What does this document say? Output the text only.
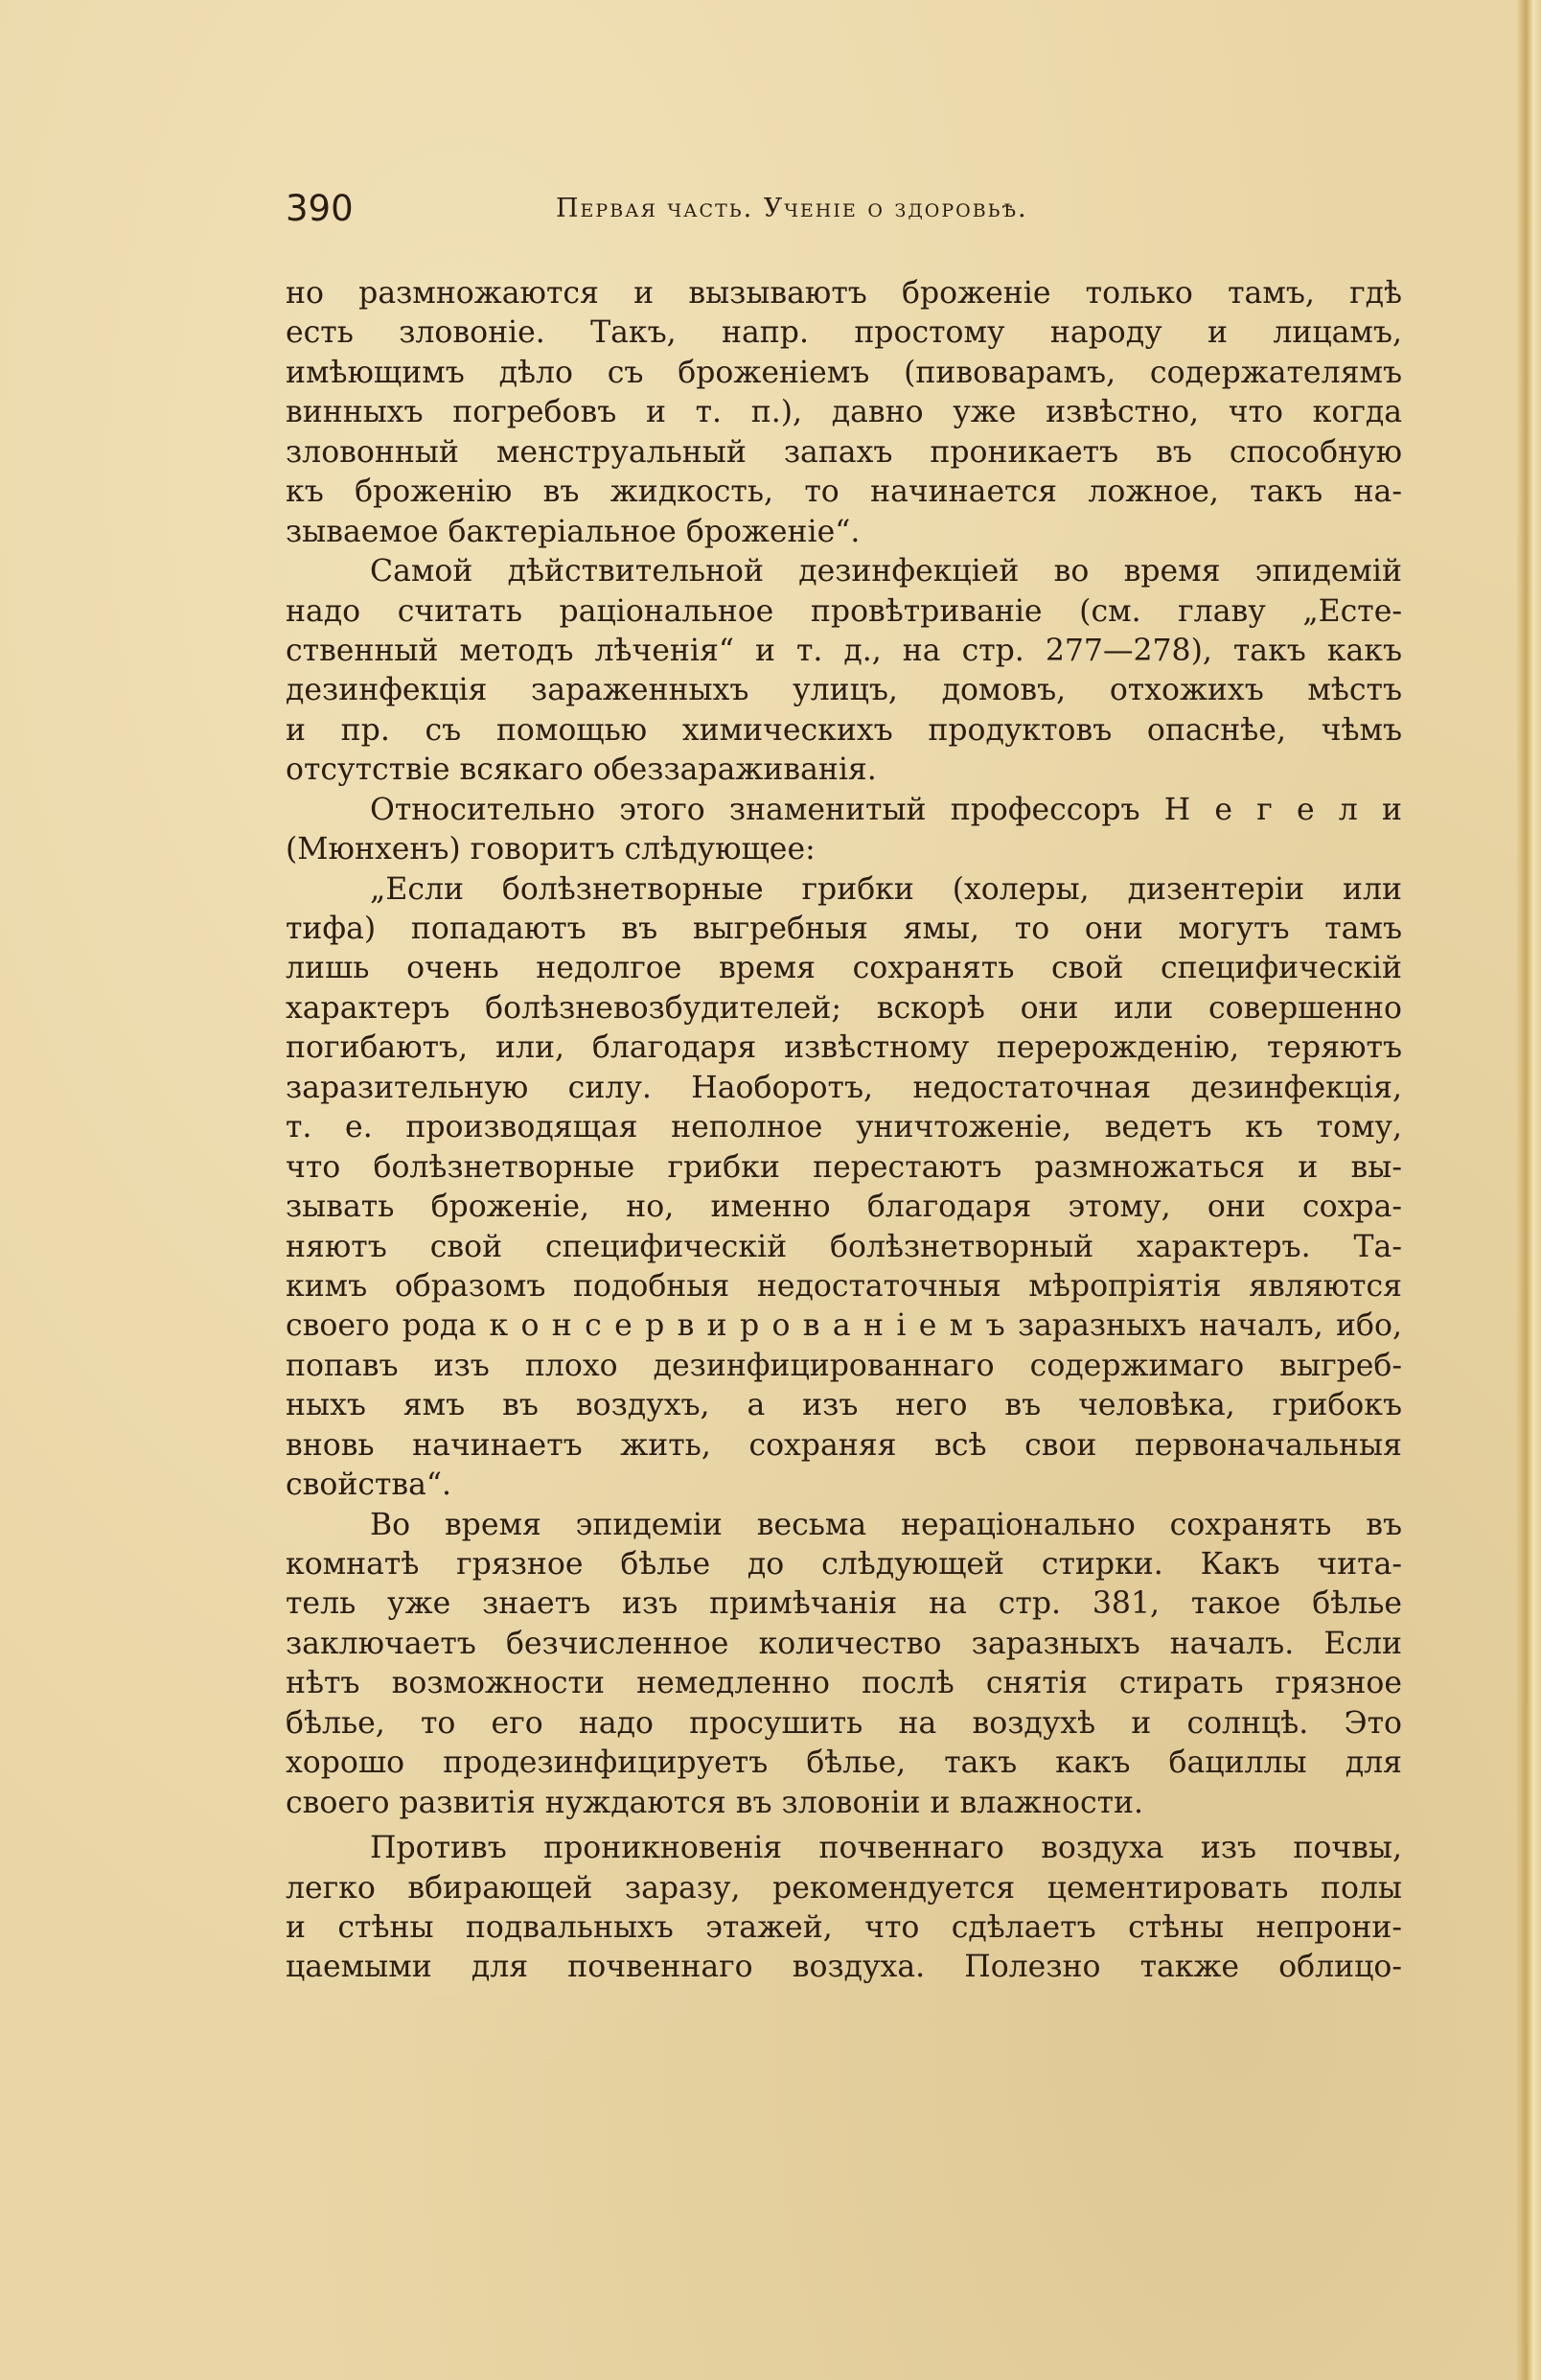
390	Первая часть. Ученіе о здоровьѣ.
но размножаются и вызываютъ броженіе только тамъ, гдѣ
есть зловоніе. Такъ, напр. простому народу и лицамъ,
имѣющимъ дѣло съ броженіемъ (пивоварамъ, содержателямъ
винныхъ погребовъ и т. п.), давно уже извѣстно, что когда
зловонный менструальный запахъ проникаетъ въ способную
къ броженію въ жидкость, то начинается ложное, такъ на-
зываемое бактеріальное броженіе“.
Самой дѣйствительной дезинфекціей во время эпидемій
надо считать раціональное провѣтриваніе (см. главу „Есте-
ственный методъ лѣченія“ и т. д., на стр. 277—278), такъ какъ
дезинфекція зараженныхъ улицъ, домовъ, отхожихъ мѣстъ
и пр. съ помощью химическихъ продуктовъ опаснѣе, чѣмъ
отсутствіе всякаго обеззараживанія.
Относительно этого знаменитый профессоръ Н е г е л и
(Мюнхенъ) говоритъ слѣдующее:
„Если болѣзнетворные грибки (холеры, дизентеріи или
тифа) попадаютъ въ выгребныя ямы, то они могутъ тамъ
лишь очень недолгое время сохранять свой специфическій
характеръ болѣзневозбудителей; вскорѣ они или совершенно
погибаютъ, или, благодаря извѣстному перерожденію, теряютъ
заразительную силу. Наоборотъ, недостаточная дезинфекція,
т. е. производящая неполное уничтоженіе, ведетъ къ тому,
что болѣзнетворные грибки перестаютъ размножаться и вы-
зывать броженіе, но, именно благодаря этому, они сохра-
няютъ свой специфическій болѣзнетворный характеръ. Та-
кимъ образомъ подобныя недостаточныя мѣропріятія являются
своего рода к о н с е р в и р о в а н і е м ъ заразныхъ началъ, ибо,
попавъ изъ плохо дезинфицированнаго содержимаго выгреб-
ныхъ ямъ въ воздухъ, а изъ него въ человѣка, грибокъ
вновь начинаетъ жить, сохраняя всѣ свои первоначальныя
свойства“.
Во время эпидеміи весьма нераціонально сохранять въ
комнатѣ грязное бѣлье до слѣдующей стирки. Какъ чита-
тель уже знаетъ изъ примѣчанія на стр. 381, такое бѣлье
заключаетъ безчисленное количество заразныхъ началъ. Если
нѣтъ возможности немедленно послѣ снятія стирать грязное
бѣлье, то его надо просушить на воздухѣ и солнцѣ. Это
хорошо продезинфицируетъ бѣлье, такъ какъ бациллы для
своего развитія нуждаются въ зловоніи и влажности.
Противъ проникновенія почвеннаго воздуха изъ почвы,
легко вбирающей заразу, рекомендуется цементировать полы
и стѣны подвальныхъ этажей, что сдѣлаетъ стѣны непрони-
цаемыми для почвеннаго воздуха. Полезно также облицо-
